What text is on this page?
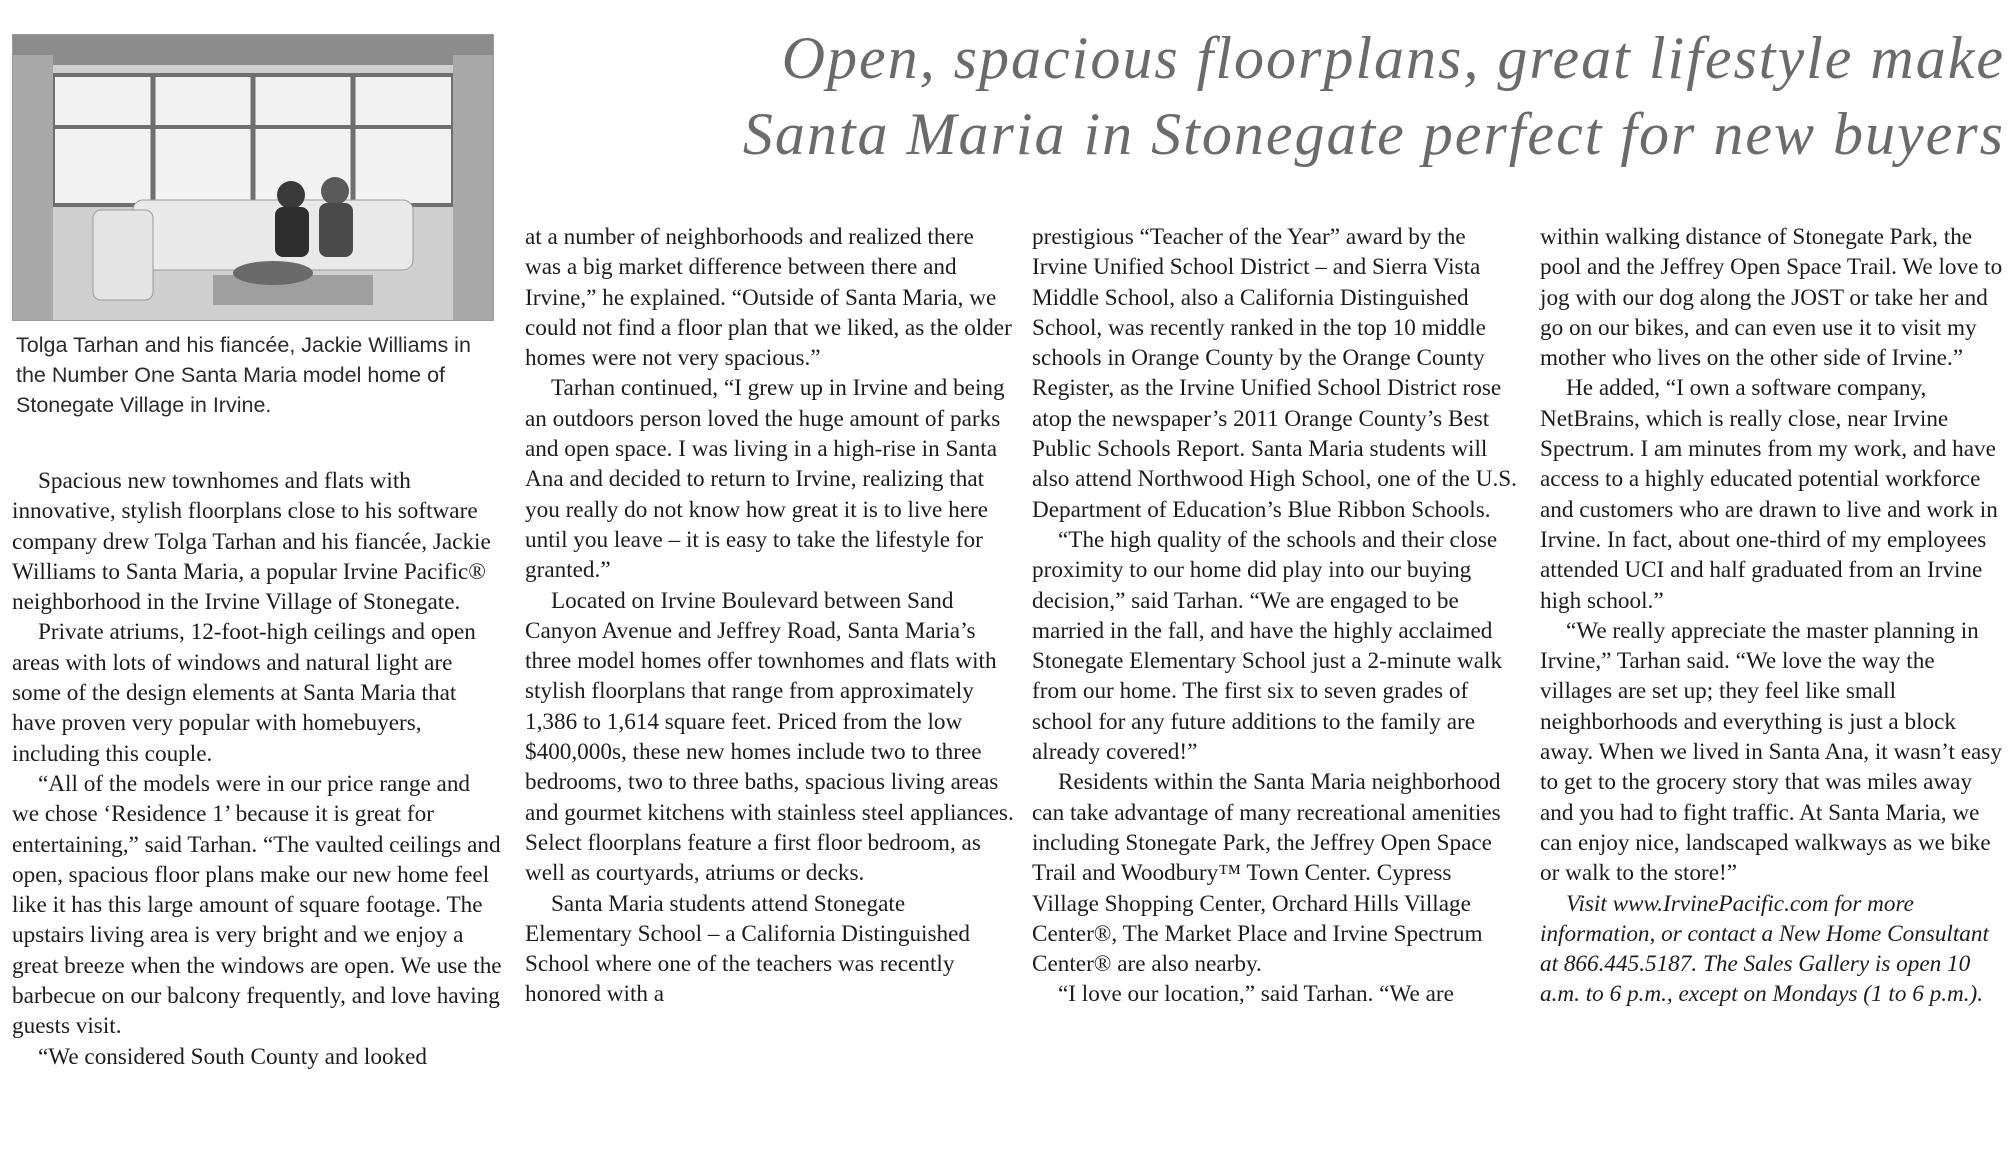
Tolga Tarhan and his fiancée, Jackie Williams in the Number One Santa Maria model home of Stonegate Village in Irvine.
Open, spacious floorplans, great lifestyle make
Santa Maria in Stonegate perfect for new buyers

Spacious new townhomes and flats with innovative, stylish floorplans close to his software company drew Tolga Tarhan and his fiancée, Jackie Williams to Santa Maria, a popular Irvine Pacific® neighborhood in the Irvine Village of Stonegate.

Private atriums, 12-foot-high ceilings and open areas with lots of windows and natural light are some of the design elements at Santa Maria that have proven very popular with homebuyers, including this couple.

“All of the models were in our price range and we chose ‘Residence 1’ because it is great for entertaining,” said Tarhan. “The vaulted ceilings and open, spacious floor plans make our new home feel like it has this large amount of square footage. The upstairs living area is very bright and we enjoy a great breeze when the windows are open. We use the barbecue on our balcony frequently, and love having guests visit.

“We considered South County and looked

at a number of neighborhoods and realized there was a big market difference between there and Irvine,” he explained. “Outside of Santa Maria, we could not find a floor plan that we liked, as the older homes were not very spacious.”

Tarhan continued, “I grew up in Irvine and being an outdoors person loved the huge amount of parks and open space. I was living in a high-rise in Santa Ana and decided to return to Irvine, realizing that you really do not know how great it is to live here until you leave – it is easy to take the lifestyle for granted.”

Located on Irvine Boulevard between Sand Canyon Avenue and Jeffrey Road, Santa Maria’s three model homes offer townhomes and flats with stylish floorplans that range from approximately 1,386 to 1,614 square feet. Priced from the low $400,000s, these new homes include two to three bedrooms, two to three baths, spacious living areas and gourmet kitchens with stainless steel appliances. Select floorplans feature a first floor bedroom, as well as courtyards, atriums or decks.

Santa Maria students attend Stonegate Elementary School – a California Distinguished School where one of the teachers was recently honored with a

prestigious “Teacher of the Year” award by the Irvine Unified School District – and Sierra Vista Middle School, also a California Distinguished School, was recently ranked in the top 10 middle schools in Orange County by the Orange County Register, as the Irvine Unified School District rose atop the newspaper’s 2011 Orange County’s Best Public Schools Report. Santa Maria students will also attend Northwood High School, one of the U.S. Department of Education’s Blue Ribbon Schools.

“The high quality of the schools and their close proximity to our home did play into our buying decision,” said Tarhan. “We are engaged to be married in the fall, and have the highly acclaimed Stonegate Elementary School just a 2-minute walk from our home. The first six to seven grades of school for any future additions to the family are already covered!”

Residents within the Santa Maria neighborhood can take advantage of many recreational amenities including Stonegate Park, the Jeffrey Open Space Trail and Woodbury™ Town Center. Cypress Village Shopping Center, Orchard Hills Village Center®, The Market Place and Irvine Spectrum Center® are also nearby.

“I love our location,” said Tarhan. “We are

within walking distance of Stonegate Park, the pool and the Jeffrey Open Space Trail. We love to jog with our dog along the JOST or take her and go on our bikes, and can even use it to visit my mother who lives on the other side of Irvine.”

He added, “I own a software company, NetBrains, which is really close, near Irvine Spectrum. I am minutes from my work, and have access to a highly educated potential workforce and customers who are drawn to live and work in Irvine. In fact, about one-third of my employees attended UCI and half graduated from an Irvine high school.”

“We really appreciate the master planning in Irvine,” Tarhan said. “We love the way the villages are set up; they feel like small neighborhoods and everything is just a block away. When we lived in Santa Ana, it wasn’t easy to get to the grocery story that was miles away and you had to fight traffic. At Santa Maria, we can enjoy nice, landscaped walkways as we bike or walk to the store!”

Visit www.IrvinePacific.com for more information, or contact a New Home Consultant at 866.445.5187. The Sales Gallery is open 10 a.m. to 6 p.m., except on Mondays (1 to 6 p.m.).
